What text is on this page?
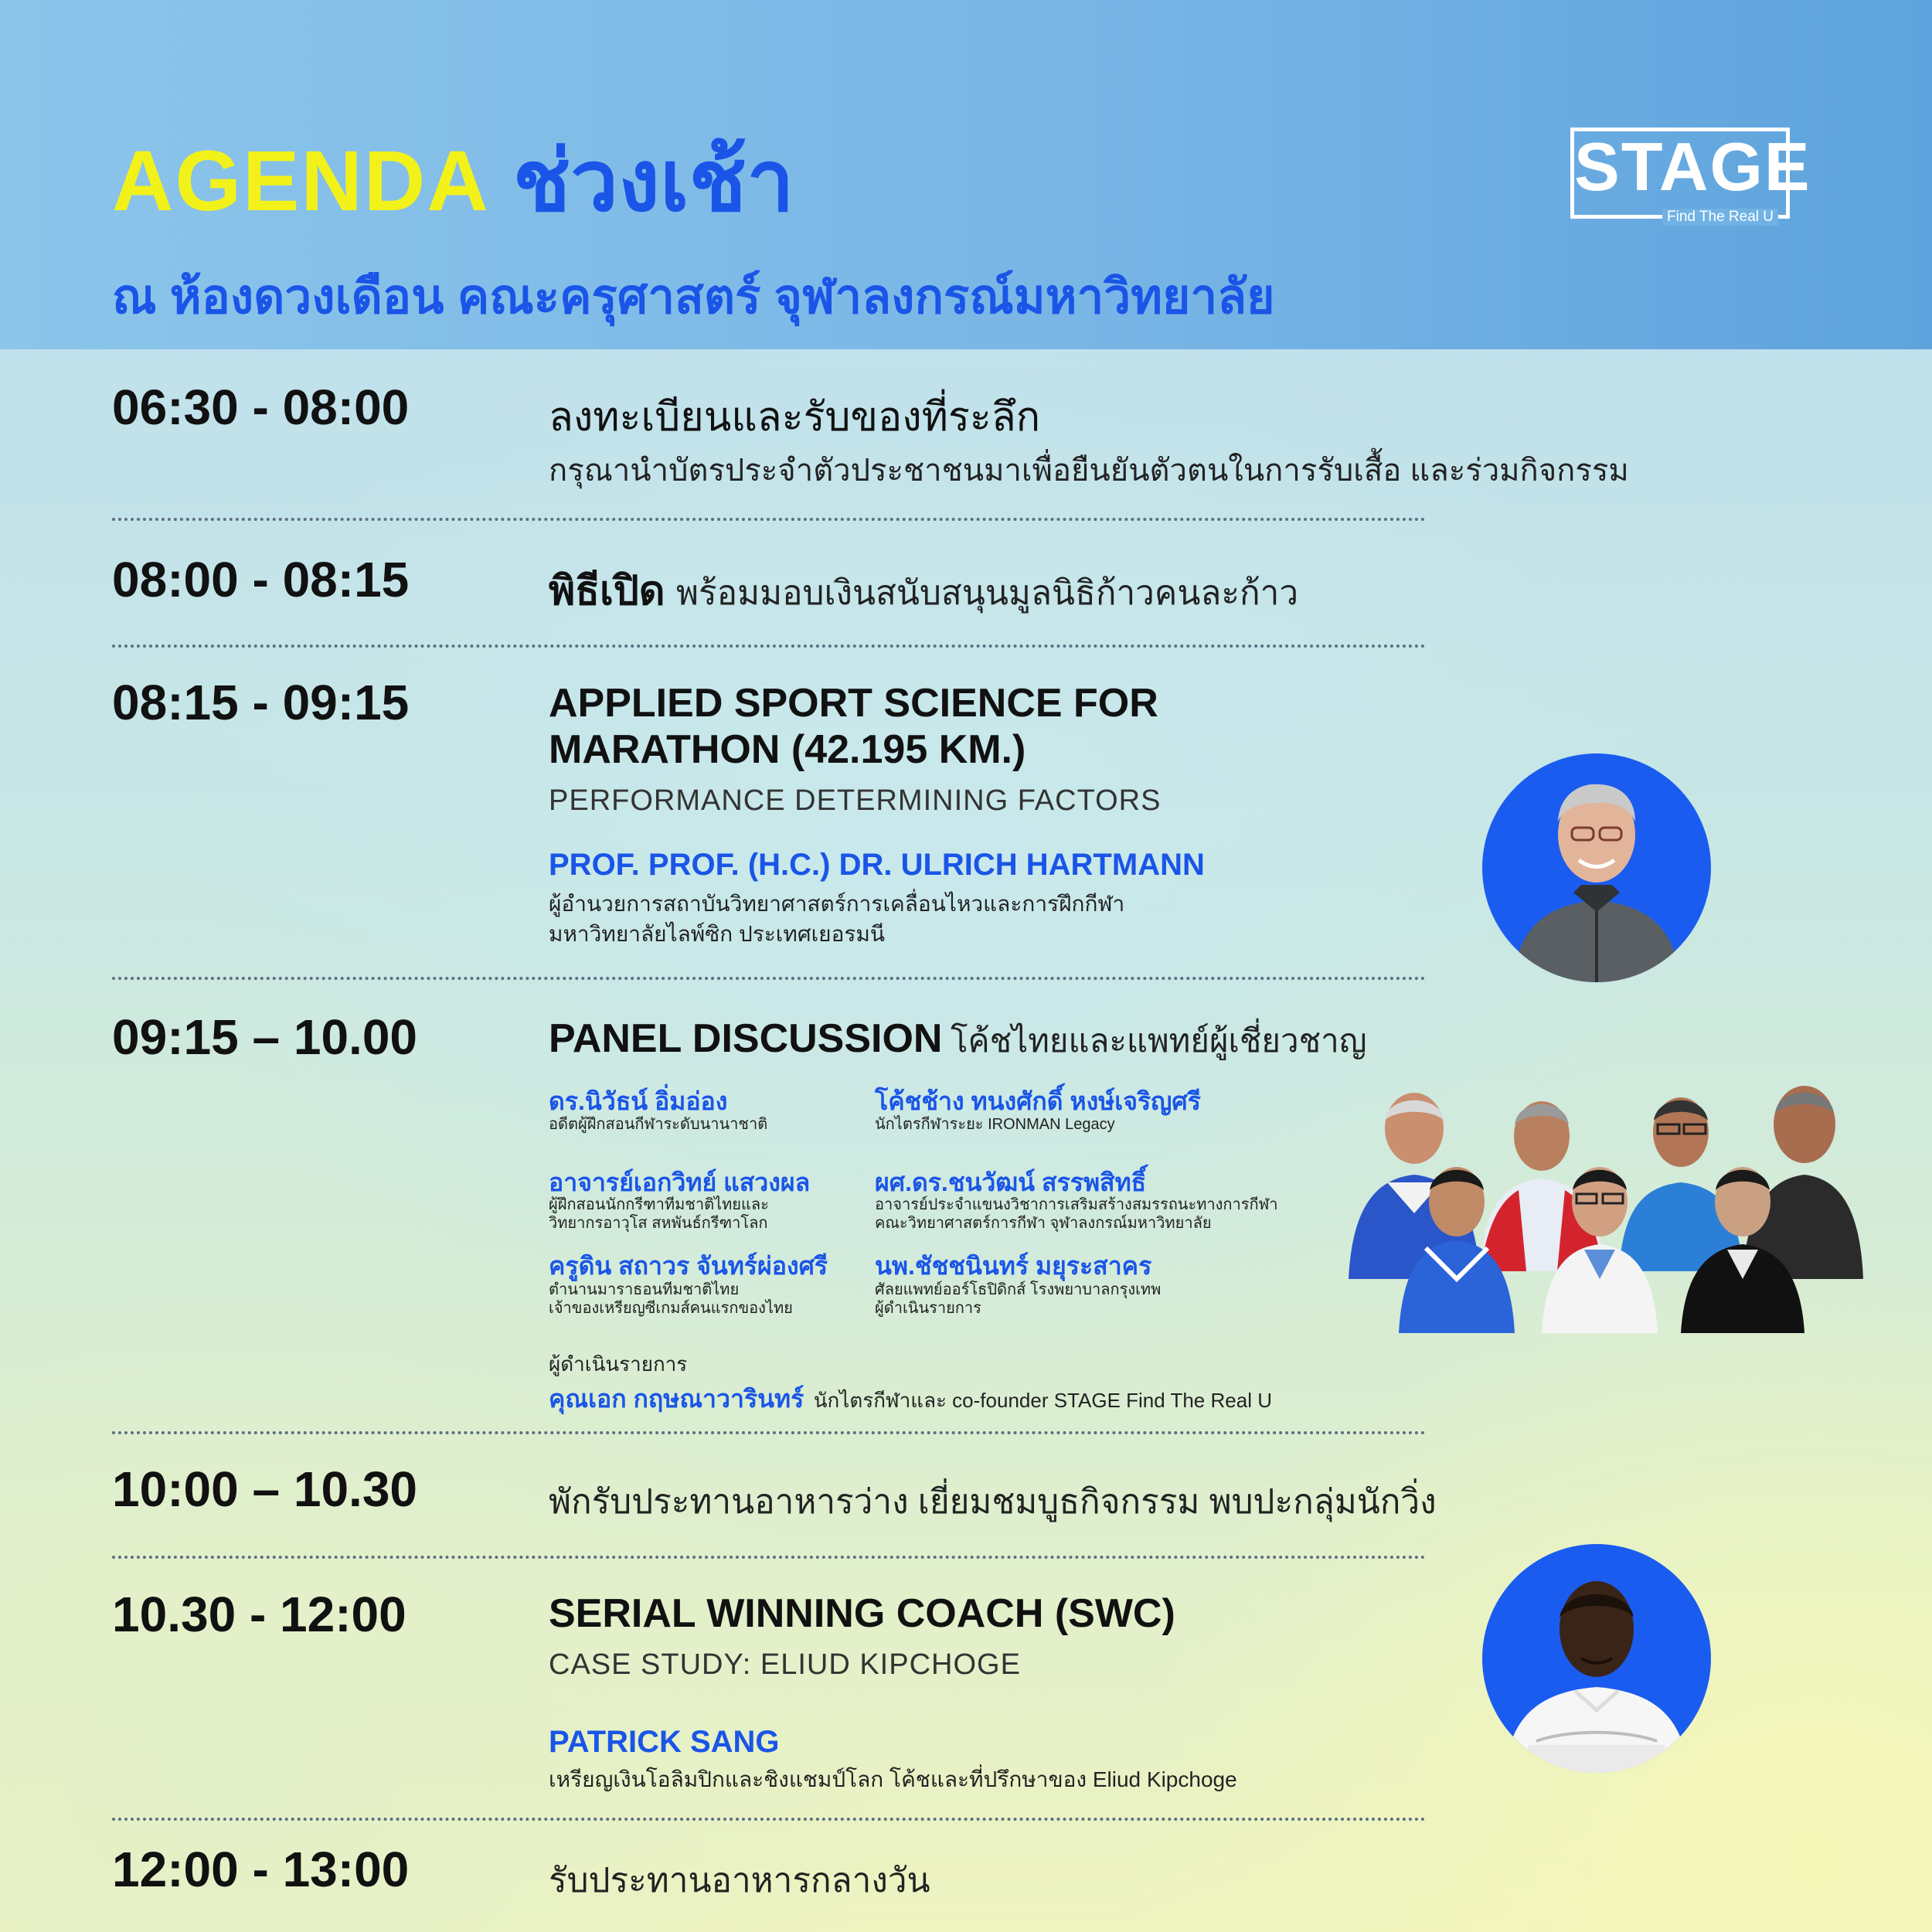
AGENDA ช่วงเช้า
ณ ห้องดวงเดือน คณะครุศาสตร์ จุฬาลงกรณ์มหาวิทยาลัย
STAGE
Find The Real U
06:30 - 08:00	ลงทะเบียนและรับของที่ระลึก
กรุณานำบัตรประจำตัวประชาชนมาเพื่อยืนยันตัวตนในการรับเสื้อ และร่วมกิจกรรม
08:00 - 08:15	พิธีเปิด พร้อมมอบเงินสนับสนุนมูลนิธิก้าวคนละก้าว
08:15 - 09:15	APPLIED SPORT SCIENCE FOR
MARATHON (42.195 KM.)
PERFORMANCE DETERMINING FACTORS
PROF. PROF. (H.C.) DR. ULRICH HARTMANN
ผู้อำนวยการสถาบันวิทยาศาสตร์การเคลื่อนไหวและการฝึกกีฬา
มหาวิทยาลัยไลพ์ซิก ประเทศเยอรมนี
09:15 – 10.00	PANEL DISCUSSION โค้ชไทยและแพทย์ผู้เชี่ยวชาญ
ดร.นิวัธน์ อิ่มอ่อง
อดีตผู้ฝึกสอนกีฬาระดับนานาชาติ
โค้ชช้าง ทนงศักดิ์ หงษ์เจริญศรี
นักไตรกีฬาระยะ IRONMAN Legacy
อาจารย์เอกวิทย์ แสวงผล
ผู้ฝึกสอนนักกรีฑาทีมชาติไทยและ
วิทยากรอาวุโส สหพันธ์กรีฑาโลก
ผศ.ดร.ชนวัฒน์ สรรพสิทธิ์
อาจารย์ประจำแขนงวิชาการเสริมสร้างสมรรถนะทางการกีฬา
คณะวิทยาศาสตร์การกีฬา จุฬาลงกรณ์มหาวิทยาลัย
ครูดิน สถาวร จันทร์ผ่องศรี
ตำนานมาราธอนทีมชาติไทย
เจ้าของเหรียญซีเกมส์คนแรกของไทย
นพ.ชัชชนินทร์ มยุระสาคร
ศัลยแพทย์ออร์โธปิดิกส์ โรงพยาบาลกรุงเทพ
ผู้ดำเนินรายการ
ผู้ดำเนินรายการ
คุณเอก กฤษณาวารินทร์ นักไตรกีฬาและ co-founder STAGE Find The Real U
10:00 – 10.30	พักรับประทานอาหารว่าง เยี่ยมชมบูธกิจกรรม พบปะกลุ่มนักวิ่ง
10.30 - 12:00	SERIAL WINNING COACH (SWC)
CASE STUDY: ELIUD KIPCHOGE
PATRICK SANG
เหรียญเงินโอลิมปิกและชิงแชมป์โลก โค้ชและที่ปรึกษาของ Eliud Kipchoge
12:00 - 13:00	รับประทานอาหารกลางวัน
